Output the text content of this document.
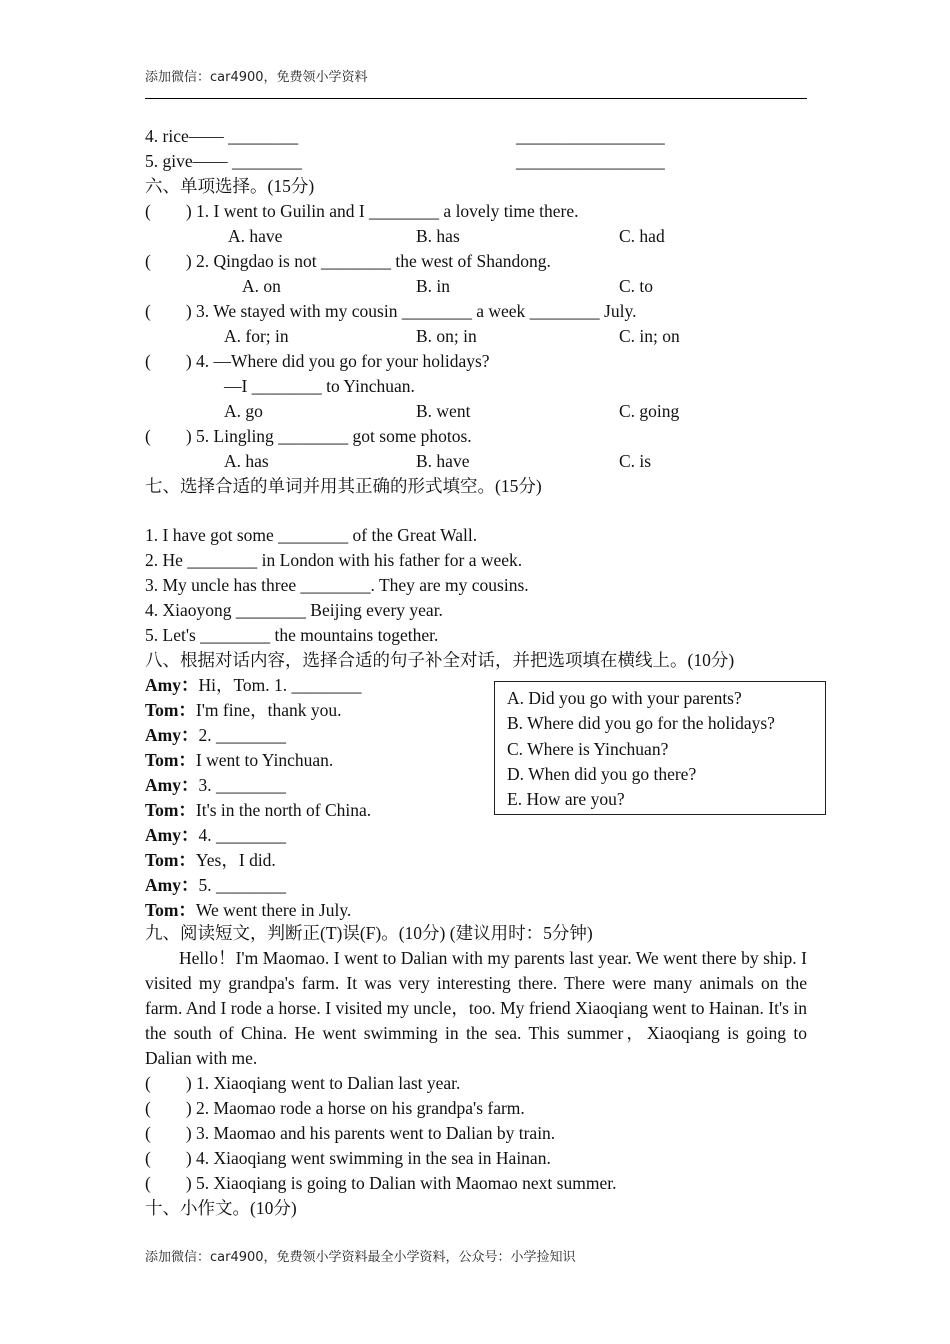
添加微信：car4900，免费领小学资料
4. rice—— ________	_________________
5. give—— ________	_________________
六、单项选择。(15分)
(        ) 1. I went to Guilin and I ________ a lovely time there.
A. have	B. has	C. had
(        ) 2. Qingdao is not ________ the west of Shandong.
A. on	B. in	C. to
(        ) 3. We stayed with my cousin ________ a week ________ July.
A. for; in	B. on; in	C. in; on
(        ) 4. —Where did you go for your holidays?
—I ________ to Yinchuan.
A. go	B. went	C. going
(        ) 5. Lingling ________ got some photos.
A. has	B. have	C. is
七、选择合适的单词并用其正确的形式填空。(15分)
1. I have got some ________ of the Great Wall.
2. He ________ in London with his father for a week.
3. My uncle has three ________. They are my cousins.
4. Xiaoyong ________ Beijing every year.
5. Let's ________ the mountains together.
八、根据对话内容，选择合适的句子补全对话，并把选项填在横线上。(10分)
Amy：Hi，Tom. 1. ________
Tom：I'm fine，thank you.
Amy：2. ________
Tom：I went to Yinchuan.
Amy：3. ________
Tom：It's in the north of China.
Amy：4. ________
Tom：Yes，I did.
Amy：5. ________
Tom：We went there in July.
A. Did you go with your parents?
B. Where did you go for the holidays?
C. Where is Yinchuan?
D. When did you go there?
E. How are you?
九、阅读短文，判断正(T)误(F)。(10分) (建议用时：5分钟)

Hello！I'm Maomao. I went to Dalian with my parents last year. We went there by ship. I visited my grandpa's farm. It was very interesting there. There were many animals on the farm. And I rode a horse. I visited my uncle，too. My friend Xiaoqiang went to Hainan. It's in the south of China. He went swimming in the sea. This summer，Xiaoqiang is going to Dalian with me.

(        ) 1. Xiaoqiang went to Dalian last year.
(        ) 2. Maomao rode a horse on his grandpa's farm.
(        ) 3. Maomao and his parents went to Dalian by train.
(        ) 4. Xiaoqiang went swimming in the sea in Hainan.
(        ) 5. Xiaoqiang is going to Dalian with Maomao next summer.
十、小作文。(10分)
添加微信：car4900，免费领小学资料最全小学资料，公众号：小学捡知识
